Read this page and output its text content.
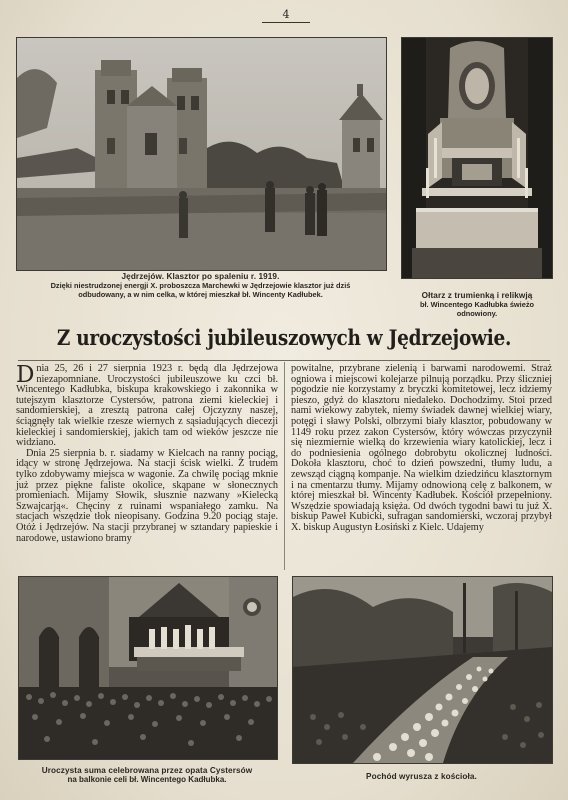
4
Jędrzejów. Klasztor po spaleniu r. 1919.
Dzięki niestrudzonej energji X. proboszcza Marchewki w Jędrzejowie klasztor już dziś odbudowany, a w nim celka, w której mieszkał bł. Wincenty Kadłubek.	Ołtarz z trumienką i relikwją
bł. Wincentego Kadłubka świeżo odnowiony.
Z uroczystości jubileuszowych w Jędrzejowie.

Dnia 25, 26 i 27 sierpnia 1923 r. będą dla Jędrzejowa niezapomniane. Uroczystości jubileuszowe ku czci bł. Wincentego Kadłubka, biskupa krakowskiego i zakonnika w tutejszym klasztorze Cystersów, patrona ziemi kieleckiej i sandomierskiej, a zresztą patrona całej Ojczyzny naszej, ściągnęły tak wielkie rzesze wiernych z sąsiadujących diecezji kieleckiej i sandomierskiej, jakich tam od wieków jeszcze nie widziano.

Dnia 25 sierpnia b. r. siadamy w Kielcach na ranny pociąg, idący w stronę Jędrzejowa. Na stacji ścisk wielki. Z trudem tylko zdobywamy miejsca w wagonie. Za chwilę pociąg mknie już przez piękne faliste okolice, skąpane w słonecznych promieniach. Mijamy Słowik, słusznie nazwany »Kielecką Szwajcarją«. Chęciny z ruinami wspaniałego zamku. Na stacjach wszędzie tłok nieopisany. Godzina 9.20 pociąg staje. Otóż i Jędrzejów. Na stacji przybranej w sztandary papieskie i narodowe, ustawiono bramy

powitalne, przybrane zielenią i barwami narodowemi. Straż ogniowa i miejscowi kolejarze pilnują porządku. Przy śliczniej pogodzie nie korzystamy z bryczki komitetowej, lecz idziemy pieszo, gdyż do klasztoru niedaleko. Dochodzimy. Stoi przed nami wiekowy zabytek, niemy świadek dawnej wielkiej wiary, potęgi i sławy Polski, olbrzymi biały klasztor, pobudowany w 1149 roku przez zakon Cystersów, który wówczas przyczynił się niezmiernie wielką do krzewienia wiary katolickiej, lecz i do podniesienia ogólnego dobrobytu okolicznej ludności. Dokoła klasztoru, choć to dzień powszedni, tłumy ludu, a zewsząd ciągną kompanje. Na wielkim dziedzińcu klasztornym i na cmentarzu tłumy. Mijamy odnowioną celę z balkonem, w której mieszkał bł. Wincenty Kadłubek. Kościół przepełniony. Wszędzie spowiadają księża. Od dwóch tygodni bawi tu już X. biskup Paweł Kubicki, sufragan sandomierski, wczoraj przybył X. biskup Augustyn Łosiński z Kielc. Udajemy

Uroczysta suma celebrowana przez opata Cystersów
na balkonie celi bł. Wincentego Kadłubka.	Pochód wyrusza z kościoła.
